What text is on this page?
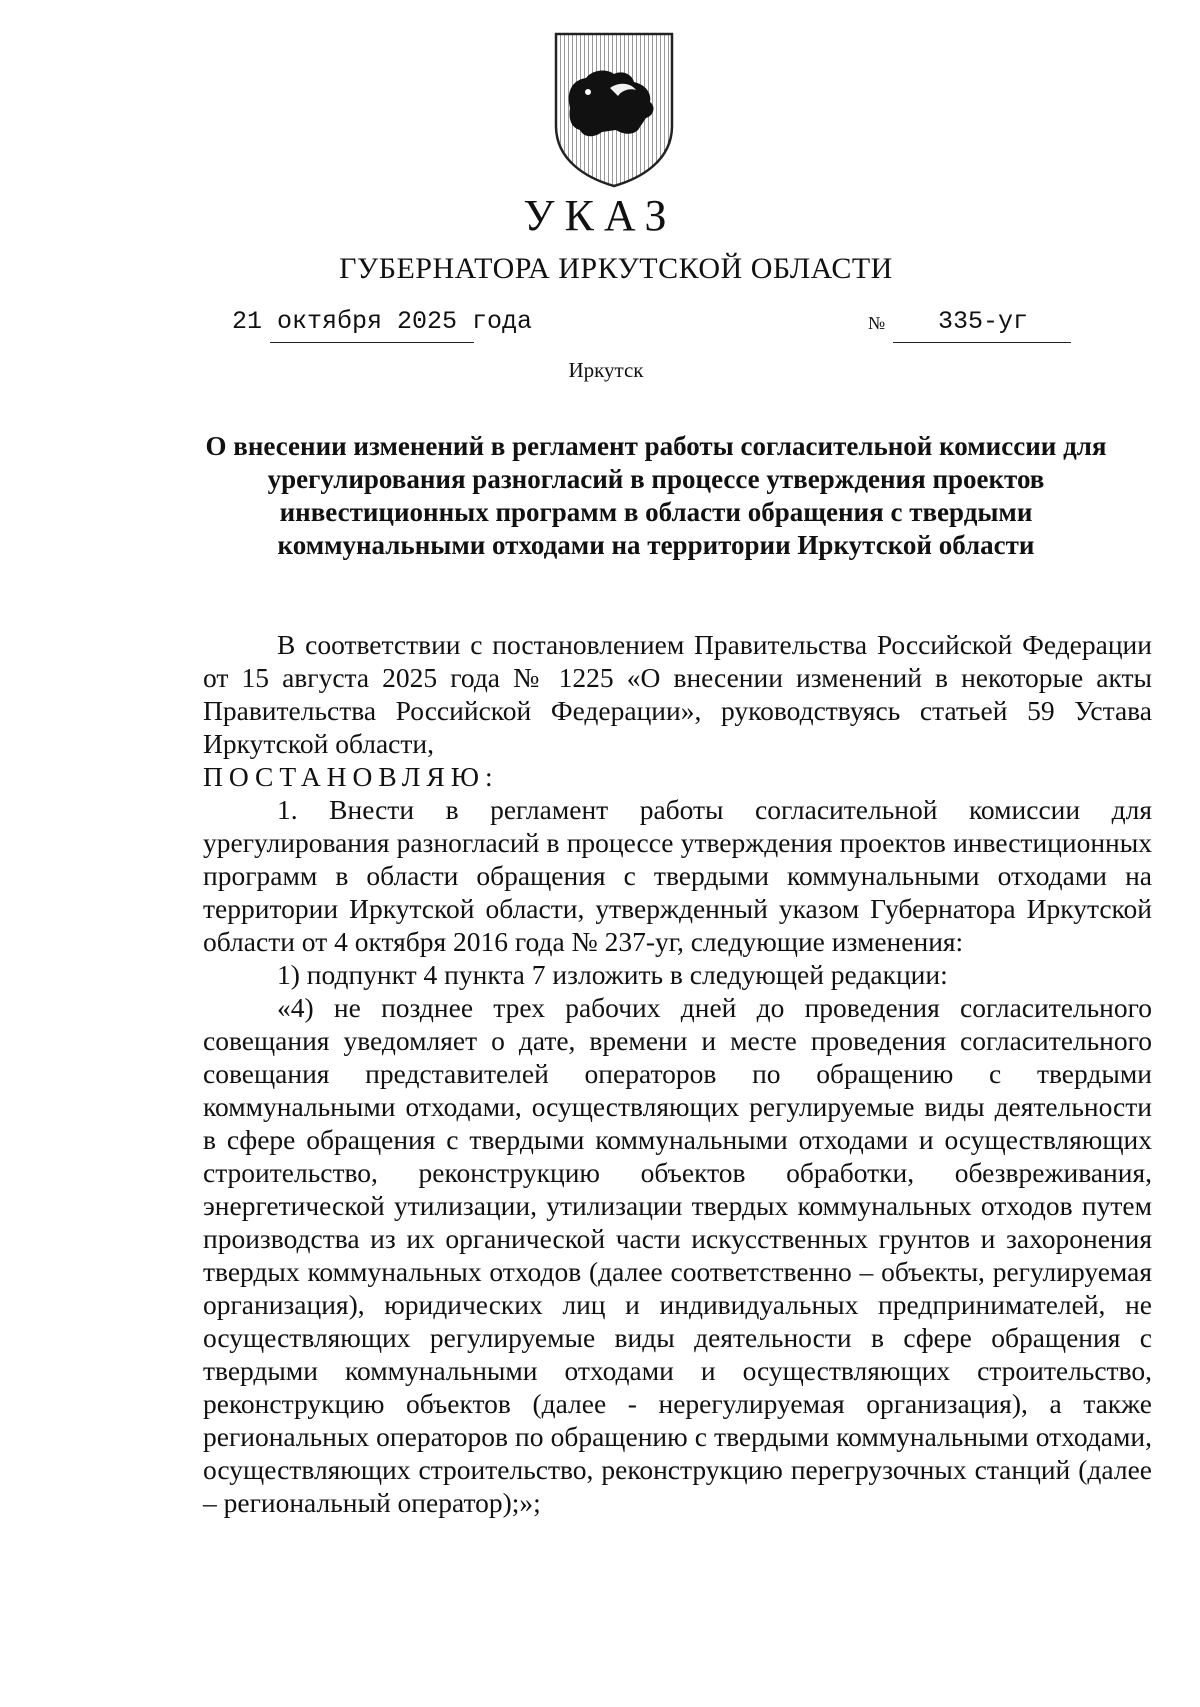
УКАЗ
ГУБЕРНАТОРА ИРКУТСКОЙ ОБЛАСТИ
21 октября 2025 года	№ 335-уг
Иркутск
О внесении изменений в регламент работы согласительной комиссии для урегулирования разногласий в процессе утверждения проектов инвестиционных программ в области обращения с твердыми коммунальными отходами на территории Иркутской области

В соответствии с постановлением Правительства Российской Федерации от 15 августа 2025 года № 1225 «О внесении изменений в некоторые акты Правительства Российской Федерации», руководствуясь статьей 59 Устава Иркутской области,

ПОСТАНОВЛЯЮ:

1. Внести в регламент работы согласительной комиссии для урегулирования разногласий в процессе утверждения проектов инвестиционных программ в области обращения с твердыми коммунальными отходами на территории Иркутской области, утвержденный указом Губернатора Иркутской области от 4 октября 2016 года № 237-уг, следующие изменения:

1) подпункт 4 пункта 7 изложить в следующей редакции:

«4) не позднее трех рабочих дней до проведения согласительного совещания уведомляет о дате, времени и месте проведения согласительного совещания представителей операторов по обращению с твердыми коммунальными отходами, осуществляющих регулируемые виды деятельности в сфере обращения с твердыми коммунальными отходами и осуществляющих строительство, реконструкцию объектов обработки, обезвреживания, энергетической утилизации, утилизации твердых коммунальных отходов путем производства из их органической части искусственных грунтов и захоронения твердых коммунальных отходов (далее соответственно – объекты, регулируемая организация), юридических лиц и индивидуальных предпринимателей, не осуществляющих регулируемые виды деятельности в сфере обращения с твердыми коммунальными отходами и осуществляющих строительство, реконструкцию объектов (далее - нерегулируемая организация), а также региональных операторов по обращению с твердыми коммунальными отходами, осуществляющих строительство, реконструкцию перегрузочных станций (далее – региональный оператор);»;
